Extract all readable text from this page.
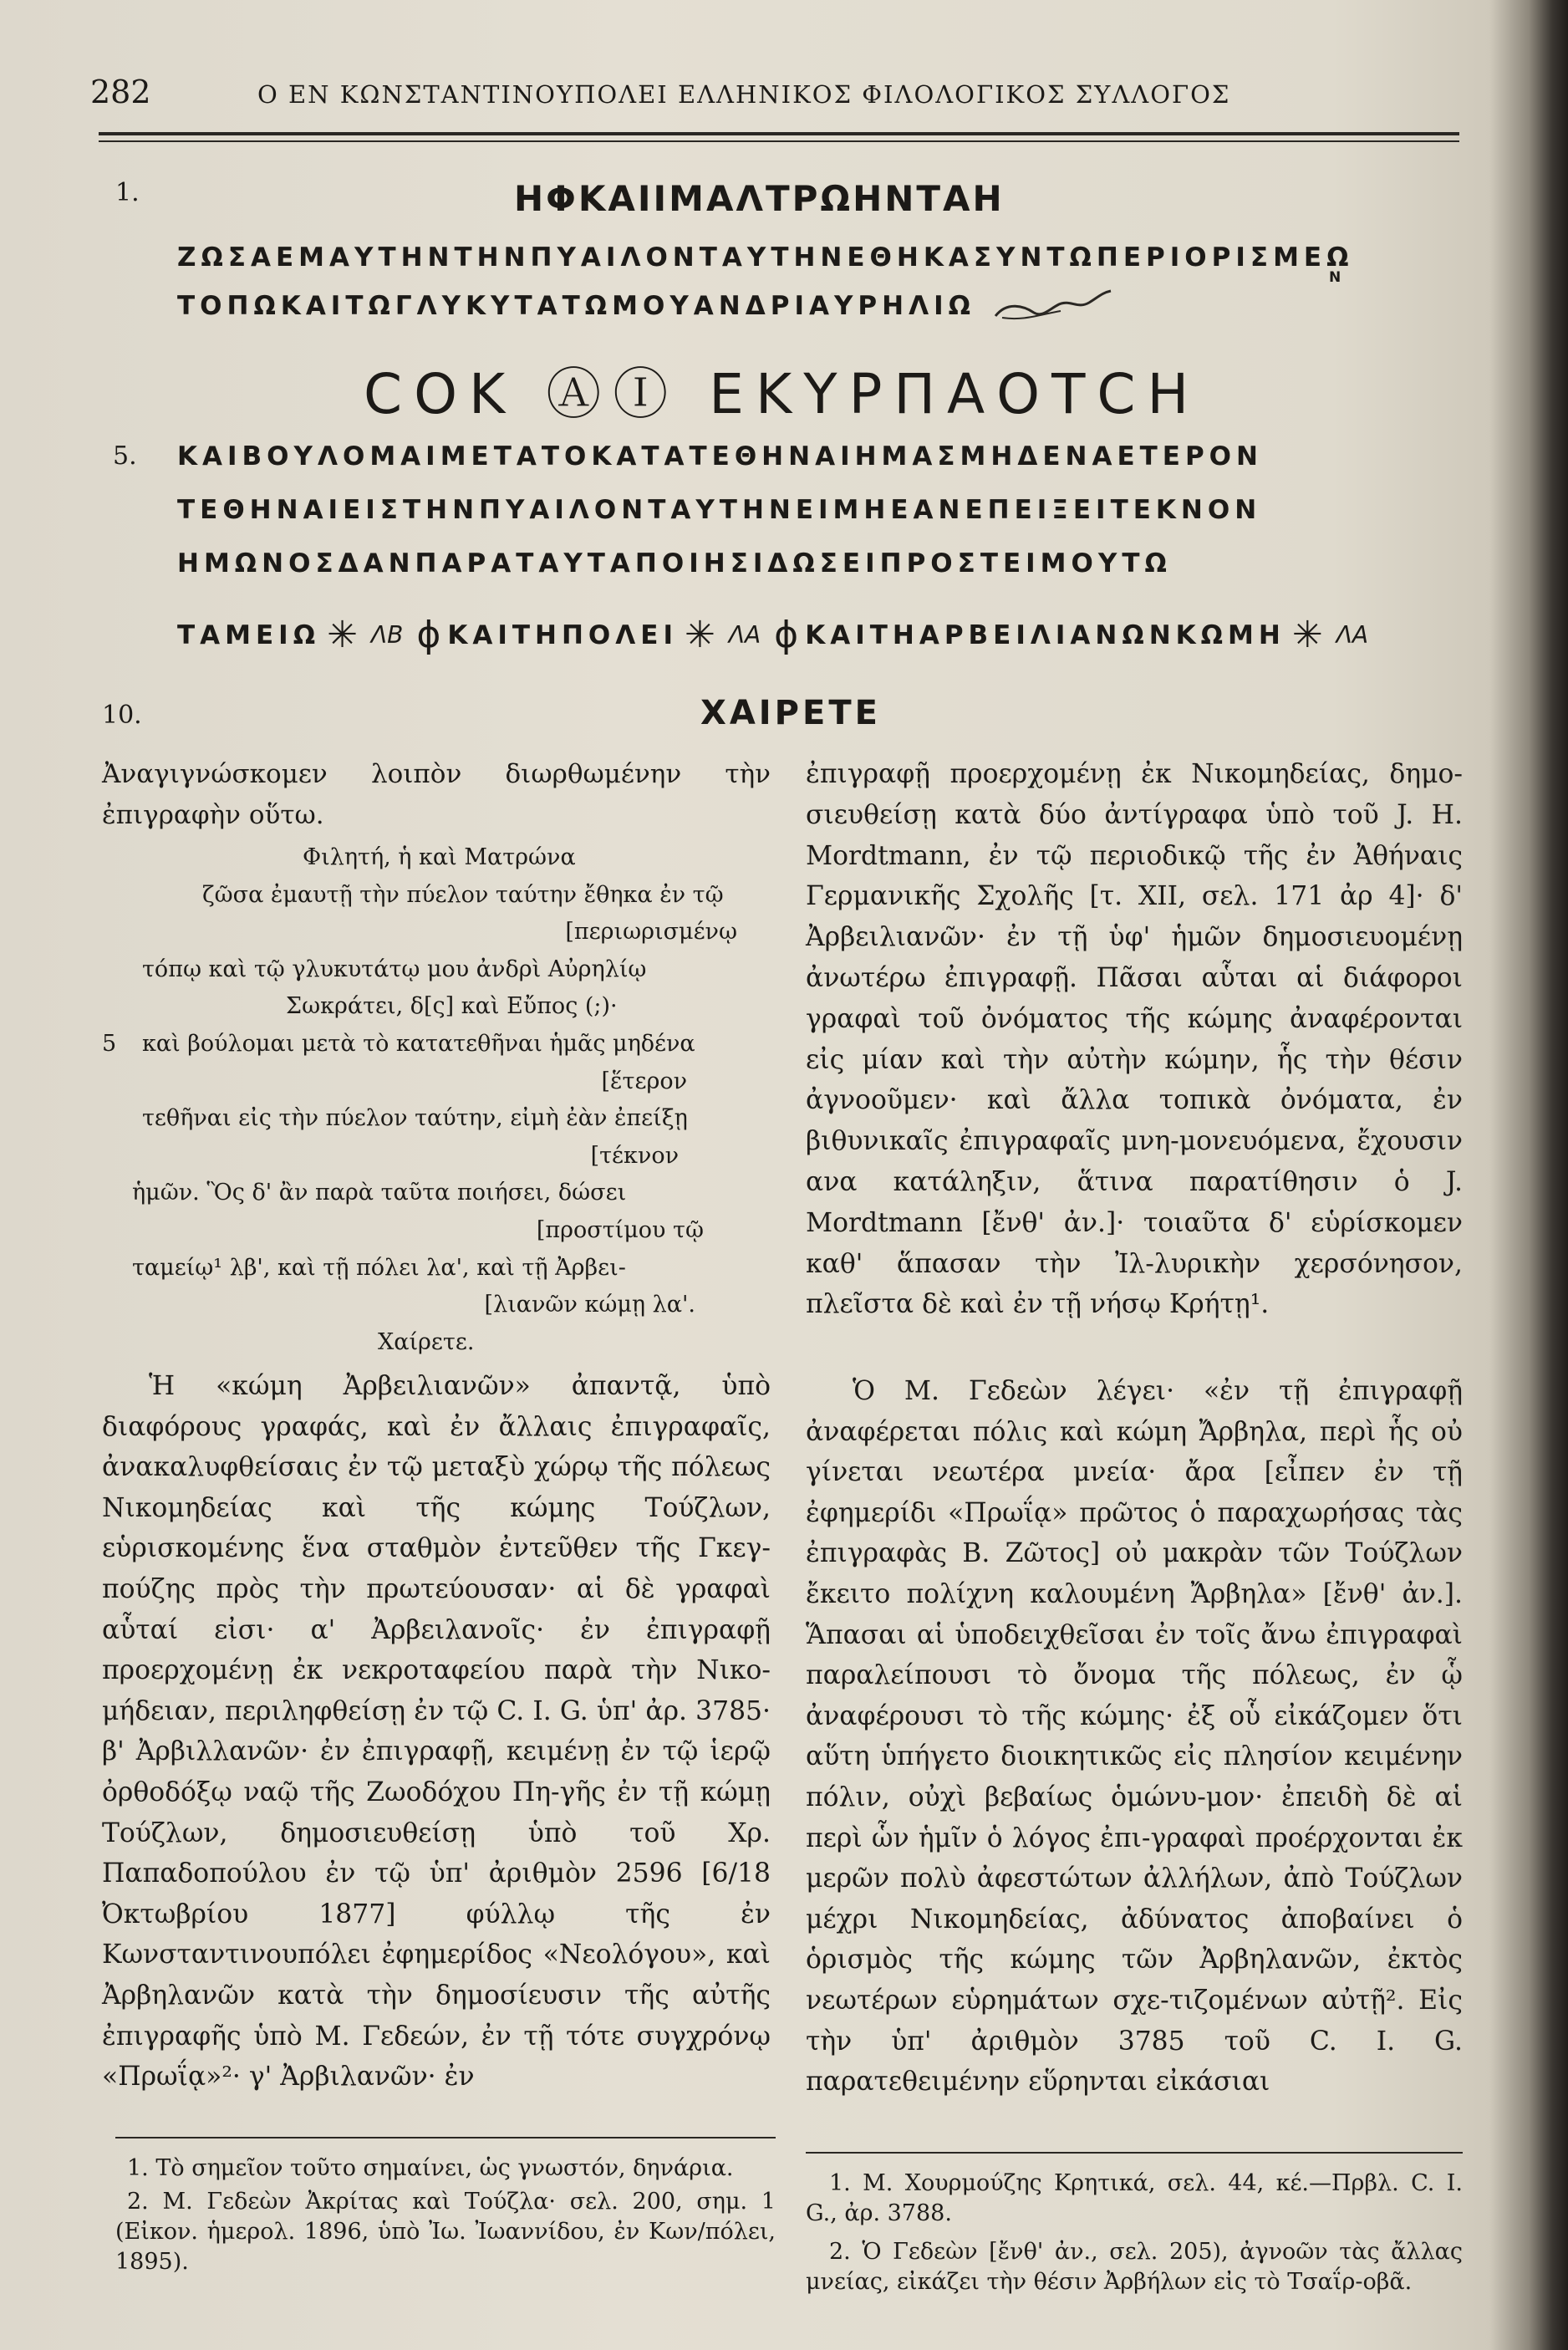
282	Ο ΕΝ ΚΩΝΣΤΑΝΤΙΝΟΥΠΟΛΕΙ ΕΛΛΗΝΙΚΟΣ ΦΙΛΟΛΟΓΙΚΟΣ ΣΥΛΛΟΓΟΣ
1.	ΗΦΚΑΙΙΜΑΛΤΡΩΗΝΤΑΗ
ΖΩΣΑΕΜΑΥΤΗΝΤΗΝΠΥΑΙΛΟΝΤΑΥΤΗΝΕΘΗΚΑΣΥΝΤΩΠΕΡΙΟΡΙΣΜΕΩ
Ν
ΤΟΠΩΚΑΙΤΩΓΛΥΚΥΤΑΤΩΜΟΥΑΝΔΡΙΑΥΡΗΛΙΩ
ϹΟΚ ⒶⒾ ΕΚΥΡΠΑΟΤϹΗ
5. ΚΑΙΒΟΥΛΟΜΑΙΜΕΤΑΤΟΚΑΤΑΤΕΘΗΝΑΙΗΜΑΣΜΗΔΕΝΑΕΤΕΡΟΝ
ΤΕΘΗΝΑΙΕΙΣΤΗΝΠΥΑΙΛΟΝΤΑΥΤΗΝΕΙΜΗΕΑΝΕΠΕΙΞΕΙΤΕΚΝΟΝ
ΗΜΩΝΟΣΔΑΝΠΑΡΑΤΑΥΤΑΠΟΙΗΣΙΔΩΣΕΙΠΡΟΣΤΕΙΜΟΥΤΩ
ΤΑΜΕΙΩ ✳ ΛΒ ɸ ΚΑΙΤΗΠΟΛΕΙ ✳ ΛΑ ɸ ΚΑΙΤΗΑΡΒΕΙΛΙΑΝΩΝΚΩΜΗ ✳ ΛΑ
10.	ΧΑΙΡΕΤΕ
Ἀναγιγνώσκομεν λοιπὸν διωρθωμένην τὴν ἐπιγραφὴν οὕτω.
Φιλητή, ἡ καὶ Ματρώνα
ζῶσα ἐμαυτῇ τὴν πύελον ταύτην ἔθηκα ἐν τῷ
[περιωρισμένῳ
τόπῳ καὶ τῷ γλυκυτάτῳ μου ἀνδρὶ Αὐρηλίῳ
Σωκράτει, δ[ς] καὶ Εὔπος (;)·
5	καὶ βούλομαι μετὰ τὸ κατατεθῆναι ἡμᾶς μηδένα
[ἕτερον
τεθῆναι εἰς τὴν πύελον ταύτην, εἰμὴ ἐὰν ἐπείξῃ
[τέκνον
ἡμῶν. Ὃς δ' ἂν παρὰ ταῦτα ποιήσει, δώσει
[προστίμου τῷ
ταμείῳ¹ λβ', καὶ τῇ πόλει λα', καὶ τῇ Ἀρβει-
[λιανῶν κώμῃ λα'.
Χαίρετε.
Ἡ «κώμη Ἀρβειλιανῶν» ἀπαντᾷ, ὑπὸ διαφόρους γραφάς, καὶ ἐν ἄλλαις ἐπιγραφαῖς, ἀνακαλυφθείσαις ἐν τῷ μεταξὺ χώρῳ τῆς πόλεως Νικομηδείας καὶ τῆς κώμης Τούζλων, εὑρισκομένης ἕνα σταθμὸν ἐντεῦθεν τῆς Γκεγ-πούζης πρὸς τὴν πρωτεύουσαν· αἱ δὲ γραφαὶ αὗταί εἰσι· α' Ἀρβειλανοῖς· ἐν ἐπιγραφῇ προερχομένῃ ἐκ νεκροταφείου παρὰ τὴν Νικο-μήδειαν, περιληφθείσῃ ἐν τῷ C. I. G. ὑπ' ἀρ. 3785· β' Ἀρβιλλανῶν· ἐν ἐπιγραφῇ, κειμένῃ ἐν τῷ ἱερῷ ὀρθοδόξῳ ναῷ τῆς Ζωοδόχου Πη-γῆς ἐν τῇ κώμῃ Τούζλων, δημοσιευθείσῃ ὑπὸ τοῦ Χρ. Παπαδοπούλου ἐν τῷ ὑπ' ἀριθμὸν 2596 [6/18 Ὀκτωβρίου 1877] φύλλῳ τῆς ἐν Κωνσταντινουπόλει ἐφημερίδος «Νεολόγου», καὶ Ἀρβηλανῶν κατὰ τὴν δημοσίευσιν τῆς αὐτῆς ἐπιγραφῆς ὑπὸ Μ. Γεδεών, ἐν τῇ τότε συγχρόνῳ «Πρωΐᾳ»²· γ' Ἀρβιλανῶν· ἐν
ἐπιγραφῇ προερχομένῃ ἐκ Νικομηδείας, δημο-σιευθείσῃ κατὰ δύο ἀντίγραφα ὑπὸ τοῦ J. H. Mordtmann, ἐν τῷ περιοδικῷ τῆς ἐν Ἀθήναις Γερμανικῆς Σχολῆς [τ. XII, σελ. 171 ἀρ 4]· δ' Ἀρβειλιανῶν· ἐν τῇ ὑφ' ἡμῶν δημοσιευομένῃ ἀνωτέρω ἐπιγραφῇ. Πᾶσαι αὗται αἱ διάφοροι γραφαὶ τοῦ ὀνόματος τῆς κώμης ἀναφέρονται εἰς μίαν καὶ τὴν αὐτὴν κώμην, ἧς τὴν θέσιν ἀγνοοῦμεν· καὶ ἄλλα τοπικὰ ὀνόματα, ἐν βιθυνικαῖς ἐπιγραφαῖς μνη-μονευόμενα, ἔχουσιν ανα κατάληξιν, ἅτινα παρατίθησιν ὁ J. Mordtmann [ἔνθ' ἀν.]· τοιαῦτα δ' εὑρίσκομεν καθ' ἅπασαν τὴν Ἰλ-λυρικὴν χερσόνησον, πλεῖστα δὲ καὶ ἐν τῇ νήσῳ Κρήτῃ¹.
Ὁ Μ. Γεδεὼν λέγει· «ἐν τῇ ἐπιγραφῇ ἀναφέρεται πόλις καὶ κώμη Ἄρβηλα, περὶ ἧς οὐ γίνεται νεωτέρα μνεία· ἄρα [εἶπεν ἐν τῇ ἐφημερίδι «Πρωΐᾳ» πρῶτος ὁ παραχωρήσας τὰς ἐπιγραφὰς Β. Ζῶτος] οὐ μακρὰν τῶν Τούζλων ἔκειτο πολίχνη καλουμένη Ἄρβηλα» [ἔνθ' ἀν.]. Ἅπασαι αἱ ὑποδειχθεῖσαι ἐν τοῖς ἄνω ἐπιγραφαὶ παραλείπουσι τὸ ὄνομα τῆς πόλεως, ἐν ᾧ ἀναφέρουσι τὸ τῆς κώμης· ἐξ οὗ εἰκάζομεν ὅτι αὕτη ὑπήγετο διοικητικῶς εἰς πλησίον κειμένην πόλιν, οὐχὶ βεβαίως ὁμώνυ-μον· ἐπειδὴ δὲ αἱ περὶ ὧν ἡμῖν ὁ λόγος ἐπι-γραφαὶ προέρχονται ἐκ μερῶν πολὺ ἀφεστώτων ἀλλήλων, ἀπὸ Τούζλων μέχρι Νικομηδείας, ἀδύνατος ἀποβαίνει ὁ ὁρισμὸς τῆς κώμης τῶν Ἀρβηλανῶν, ἐκτὸς νεωτέρων εὑρημάτων σχε-τιζομένων αὐτῇ². Εἰς τὴν ὑπ' ἀριθμὸν 3785 τοῦ C. I. G. παρατεθειμένην εὕρηνται εἰκάσιαι
1. Τὸ σημεῖον τοῦτο σημαίνει, ὡς γνωστόν, δηνάρια.
2. Μ. Γεδεὼν Ἀκρίτας καὶ Τούζλα· σελ. 200, σημ. 1 (Εἰκον. ἡμερολ. 1896, ὑπὸ Ἰω. Ἰωαννίδου, ἐν Κων/πόλει, 1895).
1. Μ. Χουρμούζης Κρητικά, σελ. 44, κέ.—Πρβλ. C. I. G., ἀρ. 3788.
2. Ὁ Γεδεὼν [ἔνθ' ἀν., σελ. 205), ἀγνοῶν τὰς ἄλλας μνείας, εἰκάζει τὴν θέσιν Ἀρβήλων εἰς τὸ Τσαΐρ-οβᾶ.
